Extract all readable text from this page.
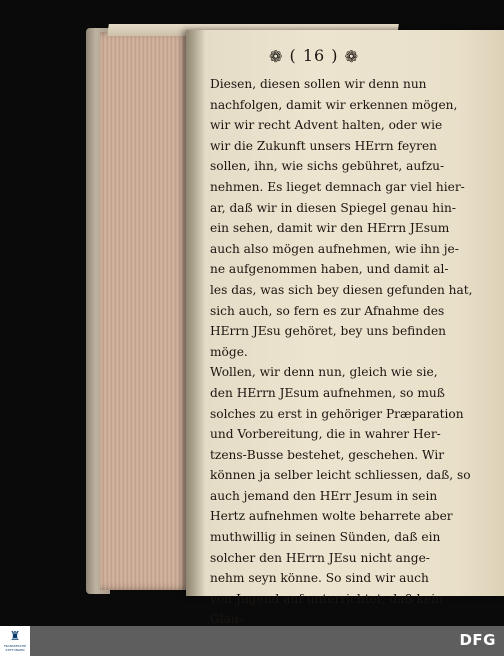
❁ ( 16 ) ❁
Diesen, diesen sollen wir denn nun
nachfolgen, damit wir erkennen mögen,
wir wir recht Advent halten, oder wie
wir die Zukunft unsers HErrn feyren
sollen, ihn, wie sichs gebühret, aufzu-
nehmen. Es lieget demnach gar viel hier-
ar, daß wir in diesen Spiegel genau hin-
ein sehen, damit wir den HErrn JEsum
auch also mögen aufnehmen, wie ihn je-
ne aufgenommen haben, und damit al-
les das, was sich bey diesen gefunden hat,
sich auch, so fern es zur Afnahme des
HErrn JEsu gehöret, bey uns befinden
möge.
Wollen, wir denn nun, gleich wie sie,
den HErrn JEsum aufnehmen, so muß
solches zu erst in gehöriger Præparation
und Vorbereitung, die in wahrer Her-
tzens-Busse bestehet, geschehen. Wir
können ja selber leicht schliessen, daß, so
auch jemand den HErr Jesum in sein
Hertz aufnehmen wolte beharrete aber
muthwillig in seinen Sünden, daß ein
solcher den HErrn JEsu nicht ange-
nehm seyn könne. So sind wir auch
von Jugend auf unterrichtet, daß kein
Glau-
♜
FRANCKESCHE STIFTUNGEN
DFG
